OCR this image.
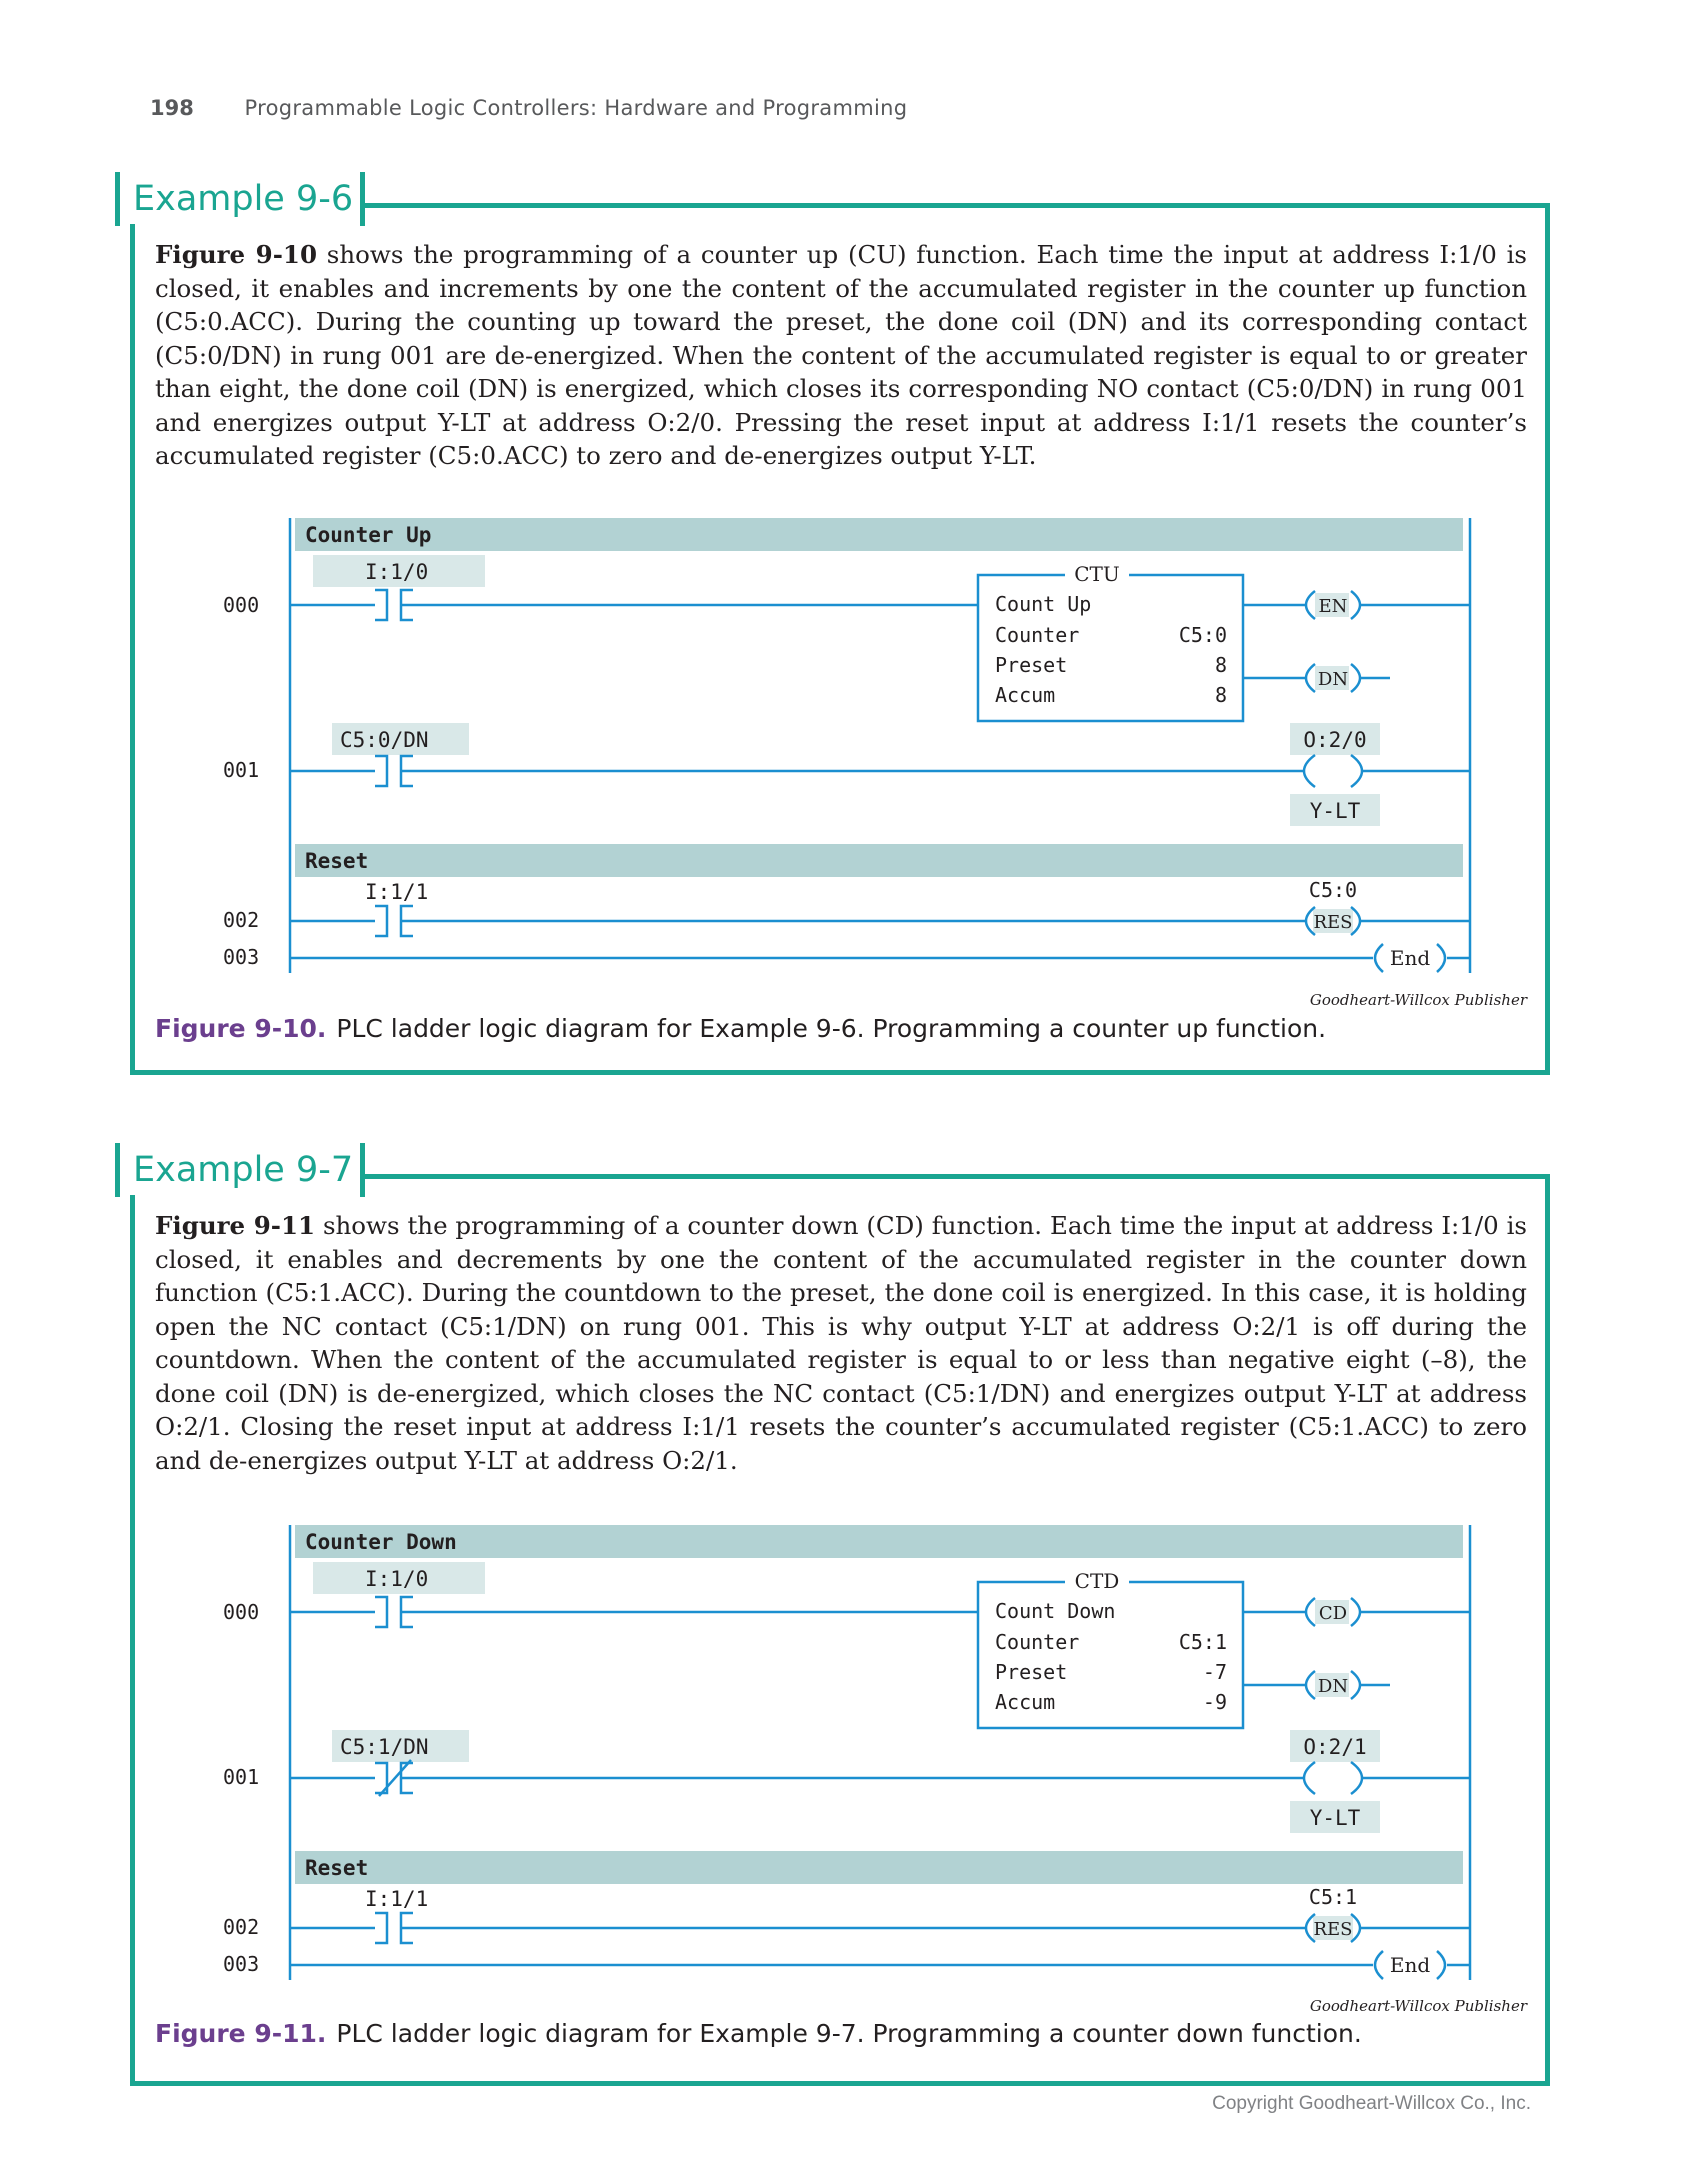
198 Programmable Logic Controllers: Hardware and Programming
Example 9-6
Figure 9-10 shows the programming of a counter up (CU) function. Each time the input at address I:1/0 is closed, it enables and increments by one the content of the accumulated register in the counter up function (C5:0.ACC). During the counting up toward the preset, the done coil (DN) and its corresponding contact (C5:0/DN) in rung 001 are de-energized. When the content of the accumulated register is equal to or greater than eight, the done coil (DN) is energized, which closes its corresponding NO contact (C5:0/DN) in rung 001 and energizes output Y-LT at address O:2/0. Pressing the reset input at address I:1/1 resets the counter’s accumulated register (C5:0.ACC) to zero and de-energizes output Y-LT.
Counter Up
Reset
000
001
002
003
I:1/0	CTU
Count Up
Counter	C5:0
Preset	8
Accum	8
EN
DN
C5:0/DN	O:2/0
Y-LT
I:1/1	C5:0
RES
End
Goodheart-Willcox Publisher
Figure 9-10. PLC ladder logic diagram for Example 9-6. Programming a counter up function.
Example 9-7
Figure 9-11 shows the programming of a counter down (CD) function. Each time the input at address I:1/0 is closed, it enables and decrements by one the content of the accumulated register in the counter down function (C5:1.ACC). During the countdown to the preset, the done coil is energized. In this case, it is holding open the NC contact (C5:1/DN) on rung 001. This is why output Y-LT at address O:2/1 is off during the countdown. When the content of the accumulated register is equal to or less than negative eight (–8), the done coil (DN) is de-energized, which closes the NC contact (C5:1/DN) and energizes output Y-LT at address O:2/1. Closing the reset input at address I:1/1 resets the counter’s accumulated register (C5:1.ACC) to zero and de-energizes output Y-LT at address O:2/1.
Counter Down
Reset
000
001
002
003
I:1/0	CTD
Count Down
Counter	C5:1
Preset	-7
Accum	-9
CD
DN
C5:1/DN	O:2/1
Y-LT
I:1/1	C5:1
RES
End
Goodheart-Willcox Publisher
Figure 9-11. PLC ladder logic diagram for Example 9-7. Programming a counter down function.
Copyright Goodheart-Willcox Co., Inc.
